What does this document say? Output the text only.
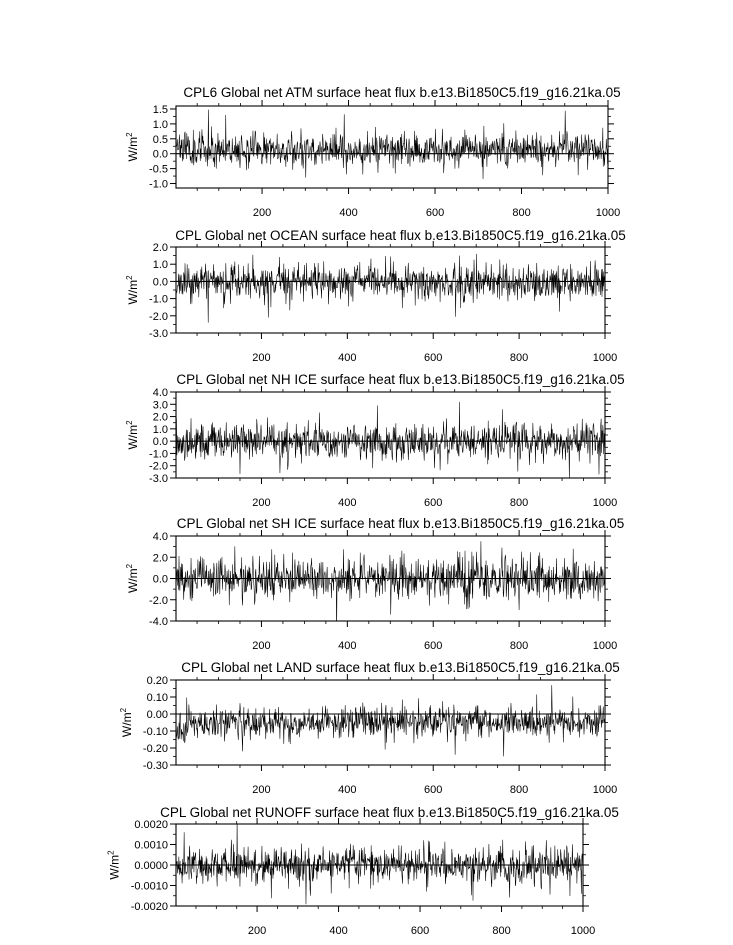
CPL6 Global net ATM surface heat flux b.e13.Bi1850C5.f19_g16.21ka.05
-1.0
-0.5
0.0
0.5
1.0
1.5
200	400	600	800	1000
$W/m^2$
CPL Global net OCEAN surface heat flux b.e13.Bi1850C5.f19_g16.21ka.05
-3.0
-2.0
-1.0
0.0
1.0
2.0
200	400	600	800	1000
$W/m^2$
CPL Global net NH ICE surface heat flux b.e13.Bi1850C5.f19_g16.21ka.05
-3.0
-2.0
-1.0
0.0
1.0
2.0
3.0
4.0
200	400	600	800	1000
$W/m^2$
CPL Global net SH ICE surface heat flux b.e13.Bi1850C5.f19_g16.21ka.05
-4.0
-2.0
0.0
2.0
4.0
200	400	600	800	1000
$W/m^2$
CPL Global net LAND surface heat flux b.e13.Bi1850C5.f19_g16.21ka.05
-0.30
-0.20
-0.10
0.00
0.10
0.20
200	400	600	800	1000
$W/m^2$
CPL Global net RUNOFF surface heat flux b.e13.Bi1850C5.f19_g16.21ka.05
-0.0020
-0.0010
0.0000
0.0010
0.0020
200	400	600	800	1000
$W/m^2$
